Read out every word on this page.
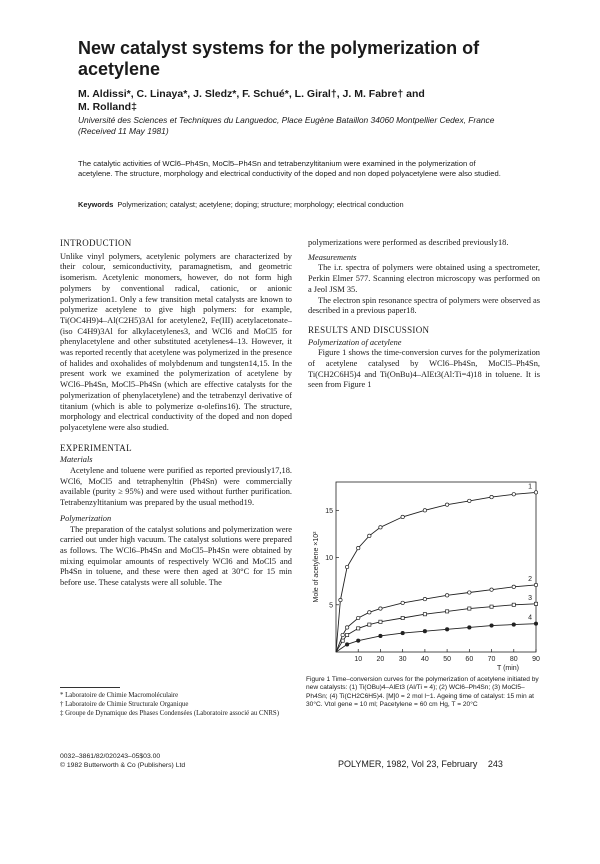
New catalyst systems for the polymerization of acetylene
M. Aldissi*, C. Linaya*, J. Sledz*, F. Schué*, L. Giral†, J. M. Fabre† and
M. Rolland‡
Université des Sciences et Techniques du Languedoc, Place Eugène Bataillon 34060 Montpellier Cedex, France
(Received 11 May 1981)
The catalytic activities of WCl6–Ph4Sn, MoCl5–Ph4Sn and tetrabenzyltitanium were examined in the polymerization of acetylene. The structure, morphology and electrical conductivity of the doped and non doped polyacetylene were also studied.
Keywords Polymerization; catalyst; acetylene; doping; structure; morphology; electrical conduction
INTRODUCTION

Unlike vinyl polymers, acetylenic polymers are characterized by their colour, semiconductivity, paramagnetism, and geometric isomerism. Acetylenic monomers, however, do not form high polymers by conventional radical, cationic, or anionic polymerization1. Only a few transition metal catalysts are known to polymerize acetylene to give high polymers: for example, Ti(OC4H9)4–Al(C2H5)3Al for acetylene2, Fe(III) acetylacetonate–(iso C4H9)3Al for alkylacetylenes3, and WCl6 and MoCl5 for phenylacetylene and other substituted acetylenes4–13. However, it was reported recently that acetylene was polymerized in the presence of halides and oxohalides of molybdenum and tungsten14,15. In the present work we examined the polymerization of acetylene by WCl6–Ph4Sn, MoCl5–Ph4Sn (which are effective catalysts for the polymerization of phenylacetylene) and the tetrabenzyl derivative of titanium (which is able to polymerize α-olefins16). The structure, morphology and electrical conductivity of the doped and non doped polyacetylene were also studied.

EXPERIMENTAL
Materials

Acetylene and toluene were purified as reported previously17,18. WCl6, MoCl5 and tetraphenyltin (Ph4Sn) were commercially available (purity ≥ 95%) and were used without further purification. Tetrabenzyltitanium was prepared by the usual method19.

Polymerization

The preparation of the catalyst solutions and polymerization were carried out under high vacuum. The catalyst solutions were prepared as follows. The WCl6–Ph4Sn and MoCl5–Ph4Sn were obtained by mixing equimolar amounts of respectively WCl6 and MoCl5 and Ph4Sn in toluene, and these were then aged at 30°C for 15 min before use. These catalysts were all soluble. The

* Laboratoire de Chimie Macromoléculaire
† Laboratoire de Chimie Structurale Organique
‡ Groupe de Dynamique des Phases Condensées (Laboratoire associé au CNRS)
0032–3861/82/020243–05$03.00
© 1982 Butterworth & Co (Publishers) Ltd

polymerizations were performed as described previously18.

Measurements

The i.r. spectra of polymers were obtained using a spectrometer, Perkin Elmer 577. Scanning electron microscopy was performed on a Jeol JSM 35.

The electron spin resonance spectra of polymers were observed as described in a previous paper18.

RESULTS AND DISCUSSION
Polymerization of acetylene

Figure 1 shows the time-conversion curves for the polymerization of acetylene catalysed by WCl6–Ph4Sn, MoCl5–Ph4Sn, Ti(CH2C6H5)4 and Ti(OnBu)4–AlEt3(Al:Ti=4)18 in toluene. It is seen from Figure 1

10 20 30 40 50 60 70 80 90
5
10
15
T (min)
Mole of acetylene ×10²
1
2
3
4
Figure 1 Time–conversion curves for the polymerization of acetylene initiated by new catalysts: (1) Ti(OBu)4–AlEt3 (Al/Ti = 4); (2) WCl6–Ph4Sn; (3) MoCl5–Ph4Sn; (4) Ti(CH2C6H5)4. [M]0 = 2 mol l−1. Ageing time of catalyst: 15 min at 30°C. Vtol gene = 10 ml; Pacetylene = 60 cm Hg, T = 20°C
POLYMER, 1982, Vol 23, February 243
